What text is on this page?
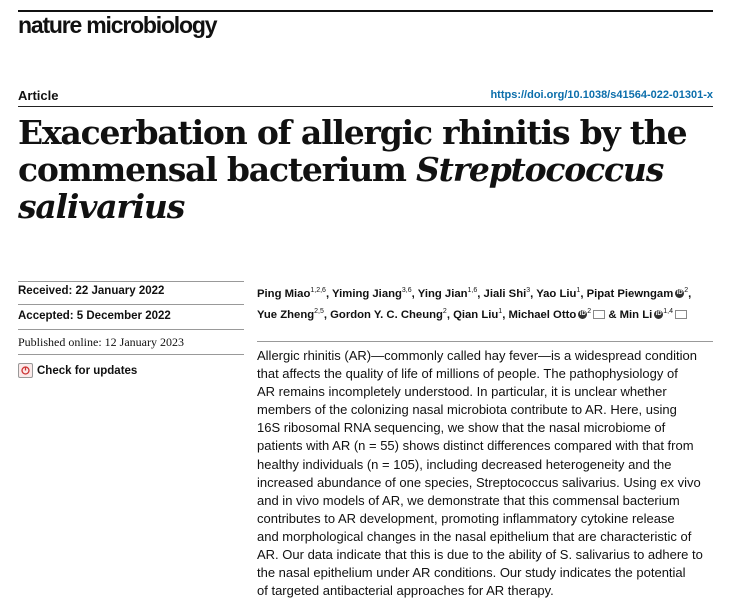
nature microbiology
Article	https://doi.org/10.1038/s41564-022-01301-x
Exacerbation of allergic rhinitis by the
commensal bacterium Streptococcus
salivarius
Received: 22 January 2022
Accepted: 5 December 2022
Published online: 12 January 2023
Check for updates
Ping Miao$^{1,2,6}$, Yiming Jiang$^{3,6}$, Ying Jian$^{1,6}$, Jiali Shi$^3$, Yao Liu$^1$, Pipat Piewngam iD $^2$, Yue Zheng$^{2,5}$, Gordon Y. C. Cheung$^2$, Qian Liu$^1$, Michael Otto iD $^2$ & Min Li iD $^{1,4}$
Allergic rhinitis (AR)—commonly called hay fever—is a widespread condition
that affects the quality of life of millions of people. The pathophysiology of
AR remains incompletely understood. In particular, it is unclear whether
members of the colonizing nasal microbiota contribute to AR. Here, using
16S ribosomal RNA sequencing, we show that the nasal microbiome of
patients with AR (n = 55) shows distinct differences compared with that from
healthy individuals (n = 105), including decreased heterogeneity and the
increased abundance of one species, Streptococcus salivarius. Using ex vivo
and in vivo models of AR, we demonstrate that this commensal bacterium
contributes to AR development, promoting inflammatory cytokine release
and morphological changes in the nasal epithelium that are characteristic of
AR. Our data indicate that this is due to the ability of S. salivarius to adhere to
the nasal epithelium under AR conditions. Our study indicates the potential
of targeted antibacterial approaches for AR therapy.
